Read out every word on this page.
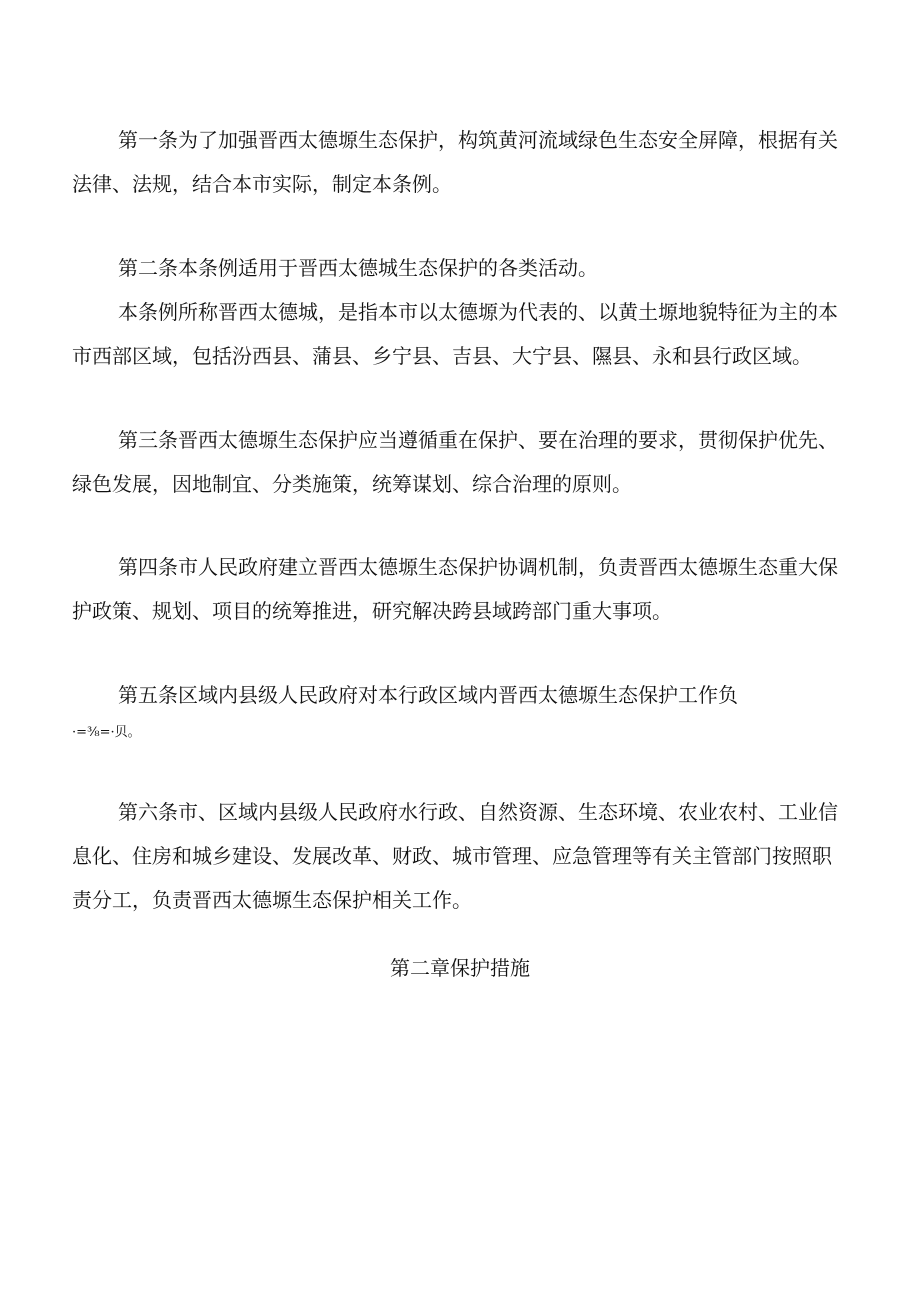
第一条为了加强晋西太德塬生态保护，构筑黄河流域绿色生态安全屏障，根据有关法律、法规，结合本市实际，制定本条例。

第二条本条例适用于晋西太德城生态保护的各类活动。

本条例所称晋西太德城，是指本市以太德塬为代表的、以黄土塬地貌特征为主的本市西部区域，包括汾西县、蒲县、乡宁县、吉县、大宁县、隰县、永和县行政区域。

第三条晋西太德塬生态保护应当遵循重在保护、要在治理的要求，贯彻保护优先、绿色发展，因地制宜、分类施策，统筹谋划、综合治理的原则。

第四条市人民政府建立晋西太德塬生态保护协调机制，负责晋西太德塬生态重大保护政策、规划、项目的统筹推进，研究解决跨县域跨部门重大事项。

第五条区域内县级人民政府对本行政区域内晋西太德塬生态保护工作负
·=⅜=·贝。

第六条市、区域内县级人民政府水行政、自然资源、生态环境、农业农村、工业信息化、住房和城乡建设、发展改革、财政、城市管理、应急管理等有关主管部门按照职责分工，负责晋西太德塬生态保护相关工作。

第二章保护措施
